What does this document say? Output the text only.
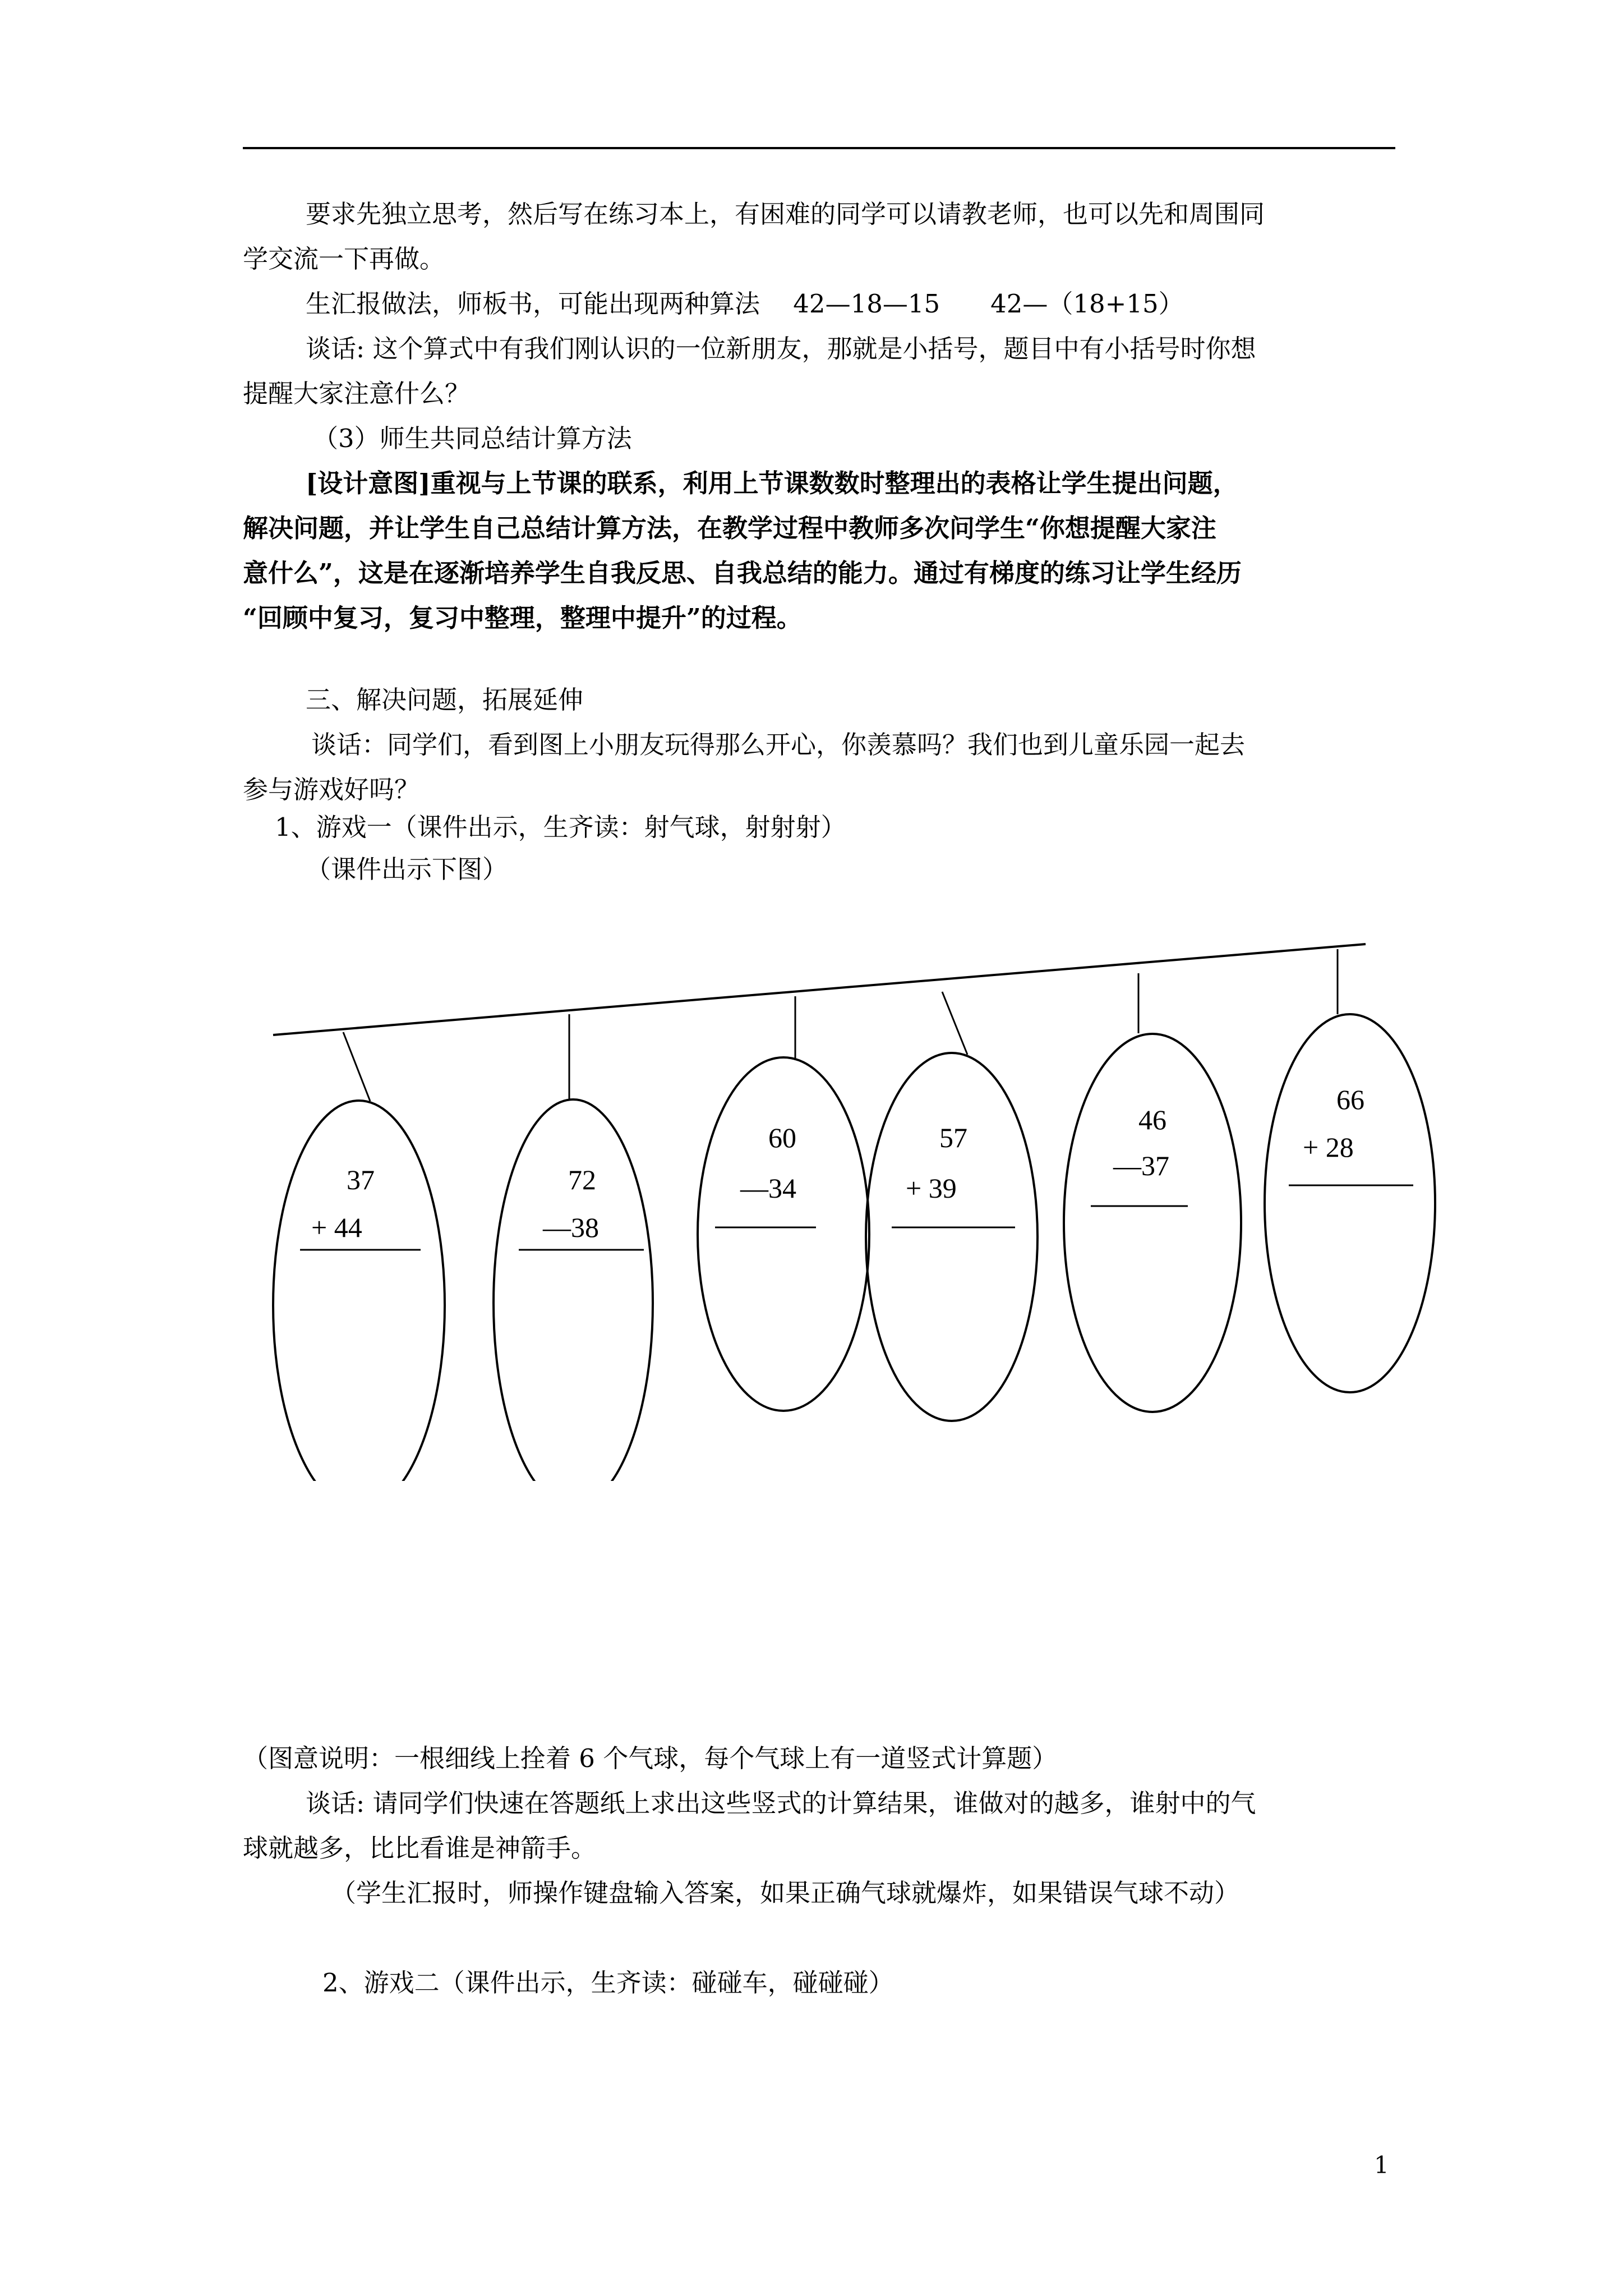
要求先独立思考，然后写在练习本上，有困难的同学可以请教老师，也可以先和周围同
学交流一下再做。
生汇报做法，师板书，可能出现两种算法　 42—18—15　　42—（18+15）
谈话: 这个算式中有我们刚认识的一位新朋友，那就是小括号，题目中有小括号时你想
提醒大家注意什么？
（3）师生共同总结计算方法
[设计意图]重视与上节课的联系，利用上节课数数时整理出的表格让学生提出问题，
解决问题，并让学生自己总结计算方法，在教学过程中教师多次问学生“你想提醒大家注
意什么”，这是在逐渐培养学生自我反思、自我总结的能力。通过有梯度的练习让学生经历
“回顾中复习，复习中整理，整理中提升”的过程。
三、解决问题，拓展延伸
谈话：同学们，看到图上小朋友玩得那么开心，你羡慕吗？我们也到儿童乐园一起去
参与游戏好吗？
1、游戏一（课件出示，生齐读：射气球，射射射）
（课件出示下图）
37
+ 44
72
—38
60
—34
57
+ 39
46
—37
66
+ 28
（图意说明：一根细线上拴着 6 个气球，每个气球上有一道竖式计算题）
谈话: 请同学们快速在答题纸上求出这些竖式的计算结果，谁做对的越多，谁射中的气
球就越多，比比看谁是神箭手。
（学生汇报时，师操作键盘输入答案，如果正确气球就爆炸，如果错误气球不动）
2、游戏二（课件出示，生齐读：碰碰车，碰碰碰）
1
